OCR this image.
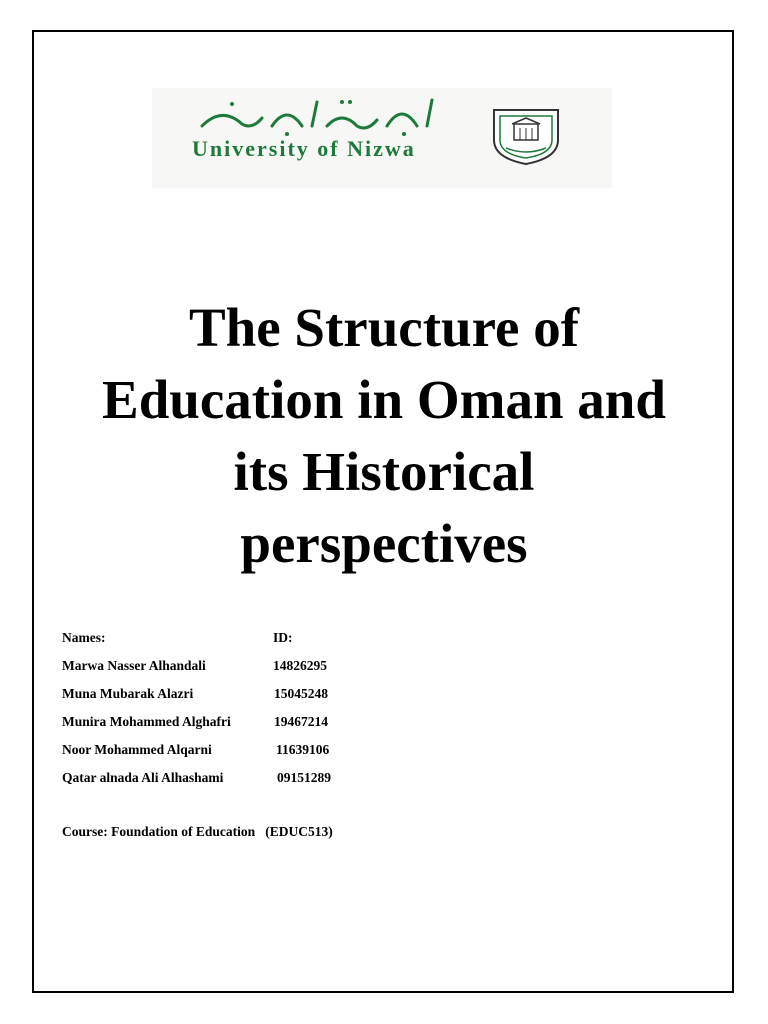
University of Nizwa
The Structure of
Education in Oman and
its Historical
perspectives
Names:	ID:
Marwa Nasser Alhandali	14826295
Muna Mubarak Alazri	15045248
Munira Mohammed Alghafri	19467214
Noor Mohammed Alqarni	11639106
Qatar alnada Ali Alhashami	09151289
Course: Foundation of Education   (EDUC513)
